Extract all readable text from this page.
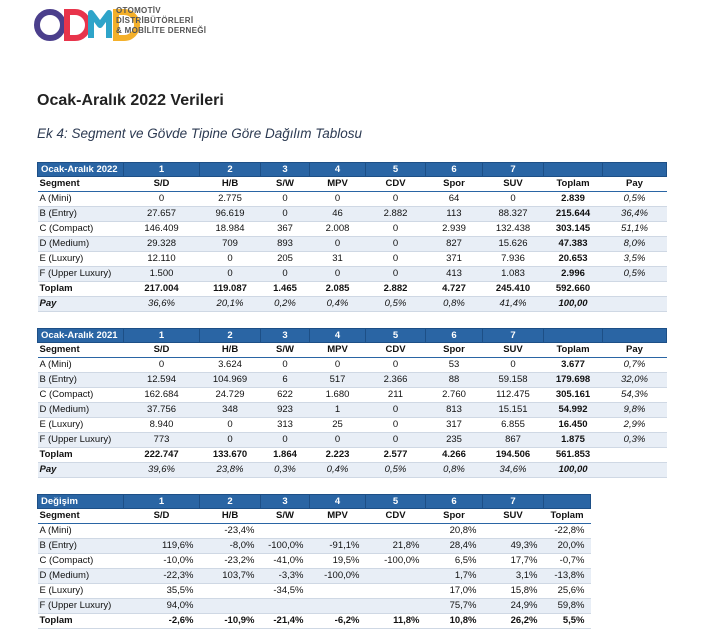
OTOMOTİV
DİSTRİBÜTÖRLERİ
& MOBİLİTE DERNEĞİ
Ocak-Aralık 2022 Verileri
Ek 4: Segment ve Gövde Tipine Göre Dağılım Tablosu
Ocak-Aralık 2022	1	2	3	4	5	6	7		
Segment	S/D	H/B	S/W	MPV	CDV	Spor	SUV	Toplam	Pay
A (Mini)	0	2.775	0	0	0	64	0	2.839	0,5%
B (Entry)	27.657	96.619	0	46	2.882	113	88.327	215.644	36,4%
C (Compact)	146.409	18.984	367	2.008	0	2.939	132.438	303.145	51,1%
D (Medium)	29.328	709	893	0	0	827	15.626	47.383	8,0%
E (Luxury)	12.110	0	205	31	0	371	7.936	20.653	3,5%
F (Upper Luxury)	1.500	0	0	0	0	413	1.083	2.996	0,5%
Toplam	217.004	119.087	1.465	2.085	2.882	4.727	245.410	592.660	
Pay	36,6%	20,1%	0,2%	0,4%	0,5%	0,8%	41,4%	100,00	
Ocak-Aralık 2021	1	2	3	4	5	6	7		
Segment	S/D	H/B	S/W	MPV	CDV	Spor	SUV	Toplam	Pay
A (Mini)	0	3.624	0	0	0	53	0	3.677	0,7%
B (Entry)	12.594	104.969	6	517	2.366	88	59.158	179.698	32,0%
C (Compact)	162.684	24.729	622	1.680	211	2.760	112.475	305.161	54,3%
D (Medium)	37.756	348	923	1	0	813	15.151	54.992	9,8%
E (Luxury)	8.940	0	313	25	0	317	6.855	16.450	2,9%
F (Upper Luxury)	773	0	0	0	0	235	867	1.875	0,3%
Toplam	222.747	133.670	1.864	2.223	2.577	4.266	194.506	561.853	
Pay	39,6%	23,8%	0,3%	0,4%	0,5%	0,8%	34,6%	100,00	
Değişim	1	2	3	4	5	6	7	
Segment	S/D	H/B	S/W	MPV	CDV	Spor	SUV	Toplam
A (Mini)		-23,4%				20,8%		-22,8%
B (Entry)	119,6%	-8,0%	-100,0%	-91,1%	21,8%	28,4%	49,3%	20,0%
C (Compact)	-10,0%	-23,2%	-41,0%	19,5%	-100,0%	6,5%	17,7%	-0,7%
D (Medium)	-22,3%	103,7%	-3,3%	-100,0%		1,7%	3,1%	-13,8%
E (Luxury)	35,5%		-34,5%			17,0%	15,8%	25,6%
F (Upper Luxury)	94,0%					75,7%	24,9%	59,8%
Toplam	-2,6%	-10,9%	-21,4%	-6,2%	11,8%	10,8%	26,2%	5,5%
